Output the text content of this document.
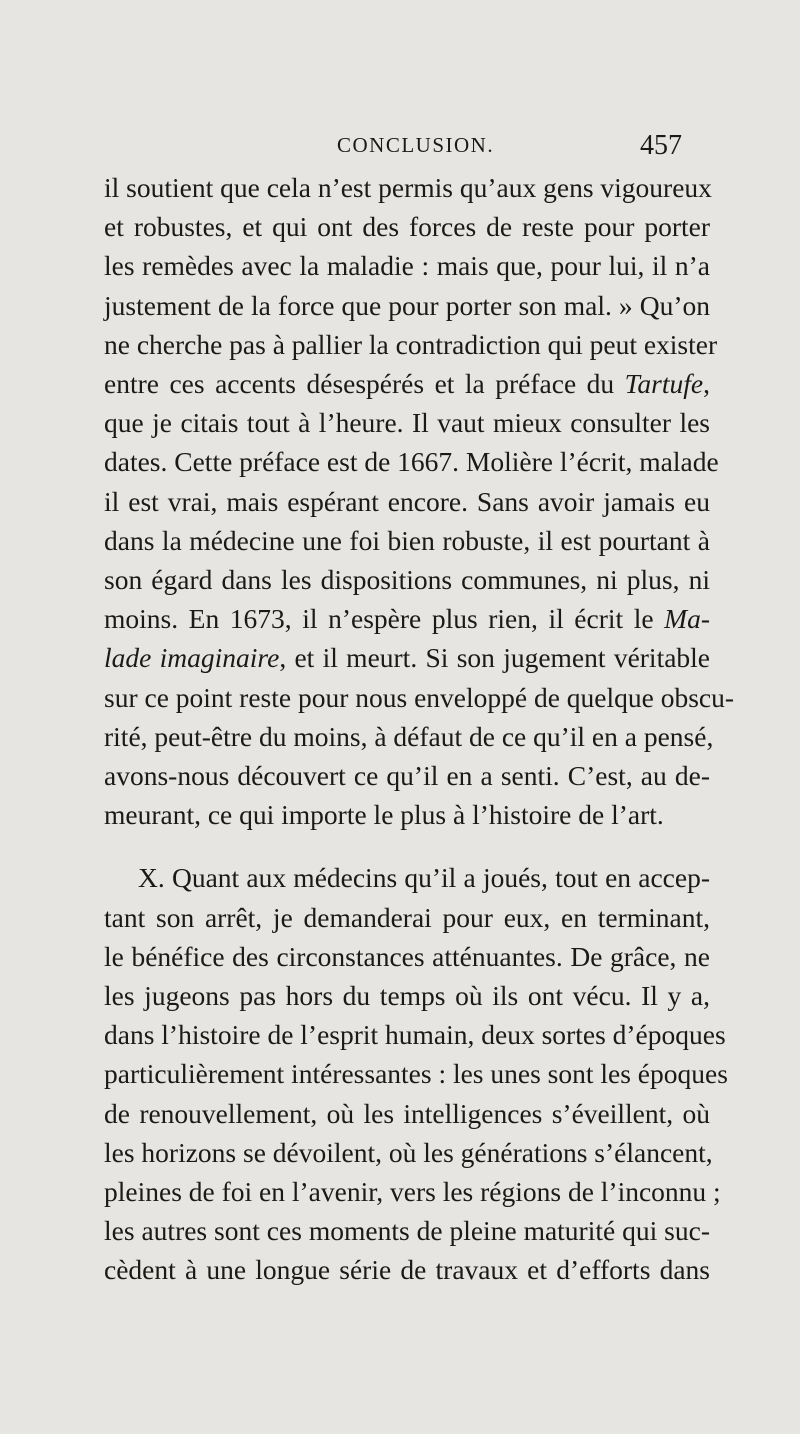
CONCLUSION.	457
il soutient que cela n’est permis qu’aux gens vigoureux
et robustes, et qui ont des forces de reste pour porter
les remèdes avec la maladie : mais que, pour lui, il n’a
justement de la force que pour porter son mal. » Qu’on
ne cherche pas à pallier la contradiction qui peut exister
entre ces accents désespérés et la préface du Tartufe,
que je citais tout à l’heure. Il vaut mieux consulter les
dates. Cette préface est de 1667. Molière l’écrit, malade
il est vrai, mais espérant encore. Sans avoir jamais eu
dans la médecine une foi bien robuste, il est pourtant à
son égard dans les dispositions communes, ni plus, ni
moins. En 1673, il n’espère plus rien, il écrit le Ma-
lade imaginaire, et il meurt. Si son jugement véritable
sur ce point reste pour nous enveloppé de quelque obscu-
rité, peut-être du moins, à défaut de ce qu’il en a pensé,
avons-nous découvert ce qu’il en a senti. C’est, au de-
meurant, ce qui importe le plus à l’histoire de l’art.
X. Quant aux médecins qu’il a joués, tout en accep-
tant son arrêt, je demanderai pour eux, en terminant,
le bénéfice des circonstances atténuantes. De grâce, ne
les jugeons pas hors du temps où ils ont vécu. Il y a,
dans l’histoire de l’esprit humain, deux sortes d’époques
particulièrement intéressantes : les unes sont les époques
de renouvellement, où les intelligences s’éveillent, où
les horizons se dévoilent, où les générations s’élancent,
pleines de foi en l’avenir, vers les régions de l’inconnu ;
les autres sont ces moments de pleine maturité qui suc-
cèdent à une longue série de travaux et d’efforts dans
